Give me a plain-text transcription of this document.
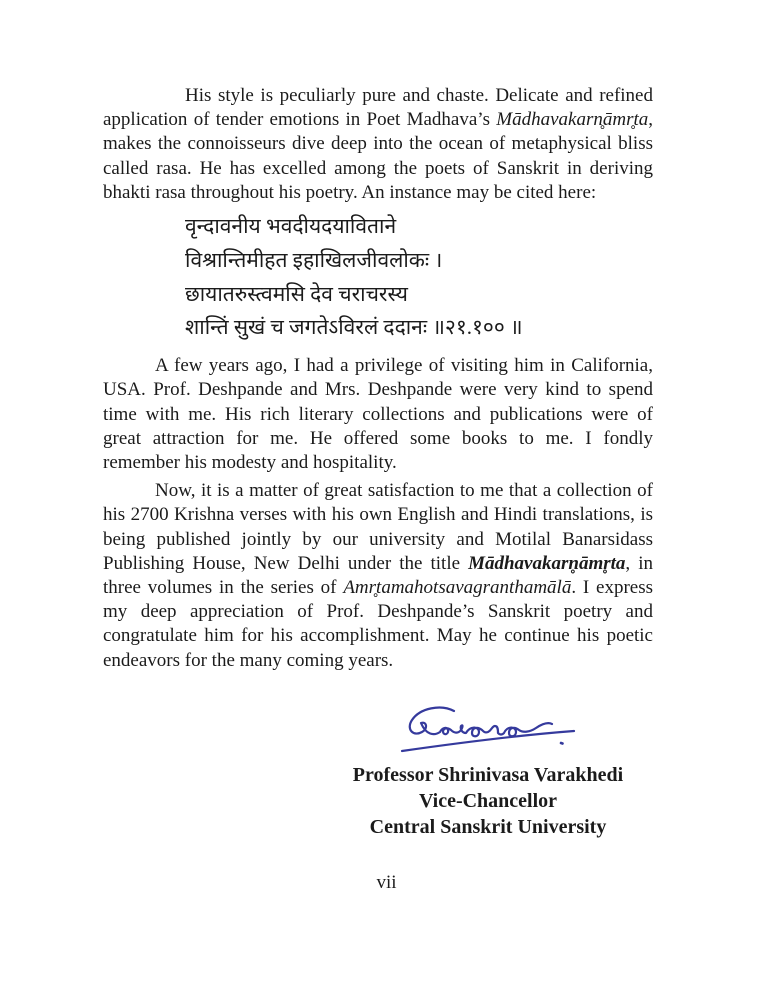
His style is peculiarly pure and chaste. Delicate and refined application of tender emotions in Poet Madhava’s Mādhavakarn̥āmr̥ta, makes the connoisseurs dive deep into the ocean of metaphysical bliss called rasa. He has excelled among the poets of Sanskrit in deriving bhakti rasa throughout his poetry. An instance may be cited here:

वृन्दावनीय भवदीयदयाविताने
विश्रान्तिमीहत इहाखिलजीवलोकः ।
छायातरुस्त्वमसि देव चराचरस्य
शान्तिं सुखं च जगतेऽविरलं ददानः ॥२१.१०० ॥

A few years ago, I had a privilege of visiting him in California, USA. Prof. Deshpande and Mrs. Deshpande were very kind to spend time with me. His rich literary collections and publications were of great attraction for me. He offered some books to me. I fondly remember his modesty and hospitality.

Now, it is a matter of great satisfaction to me that a collection of his 2700 Krishna verses with his own English and Hindi translations, is being published jointly by our university and Motilal Banarsidass Publishing House, New Delhi under the title Mādhavakarn̥āmr̥ta, in three volumes in the series of Amr̥tamahotsavagranthamālā. I express my deep appreciation of Prof. Deshpande’s Sanskrit poetry and congratulate him for his accomplishment. May he continue his poetic endeavors for the many coming years.

Professor Shrinivasa Varakhedi
Vice-Chancellor
Central Sanskrit University
vii
